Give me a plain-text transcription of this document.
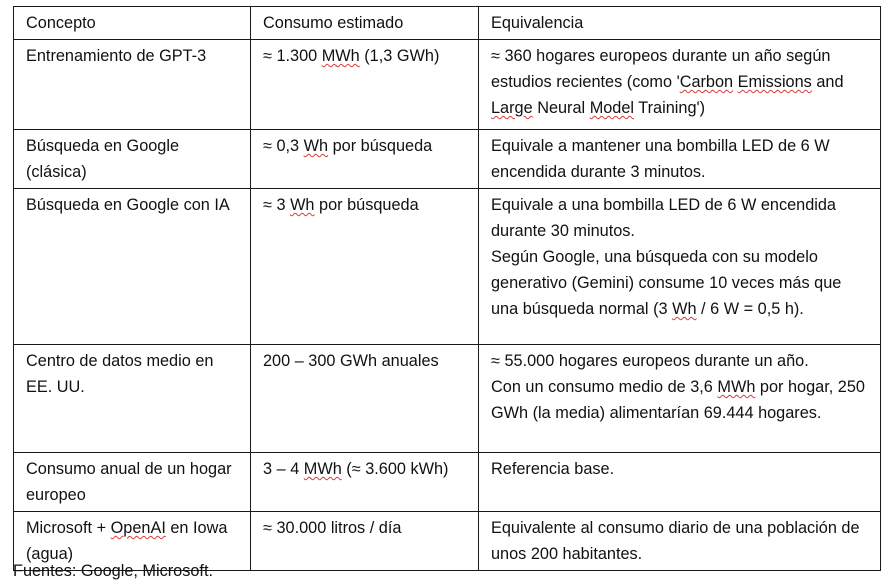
Concepto	Consumo estimado	Equivalencia
Entrenamiento de GPT-3	≈ 1.300 MWh (1,3 GWh)	≈ 360 hogares europeos durante un año según estudios recientes (como 'Carbon Emissions and Large Neural Model Training')

Búsqueda en Google (clásica)	≈ 0,3 Wh por búsqueda	Equivale a mantener una bombilla LED de 6 W encendida durante 3 minutos.

Búsqueda en Google con IA	≈ 3 Wh por búsqueda	Equivale a una bombilla LED de 6 W encendida durante 30 minutos.
Según Google, una búsqueda con su modelo generativo (Gemini) consume 10 veces más que una búsqueda normal (3 Wh / 6 W = 0,5 h).

Centro de datos medio en EE. UU.	200 – 300 GWh anuales	≈ 55.000 hogares europeos durante un año.
Con un consumo medio de 3,6 MWh por hogar, 250 GWh (la media) alimentarían 69.444 hogares.

Consumo anual de un hogar europeo	3 – 4 MWh (≈ 3.600 kWh)	Referencia base.

Microsoft + OpenAI en Iowa (agua)	≈ 30.000 litros / día	Equivalente al consumo diario de una población de unos 200 habitantes.
Fuentes: Google, Microsoft.
